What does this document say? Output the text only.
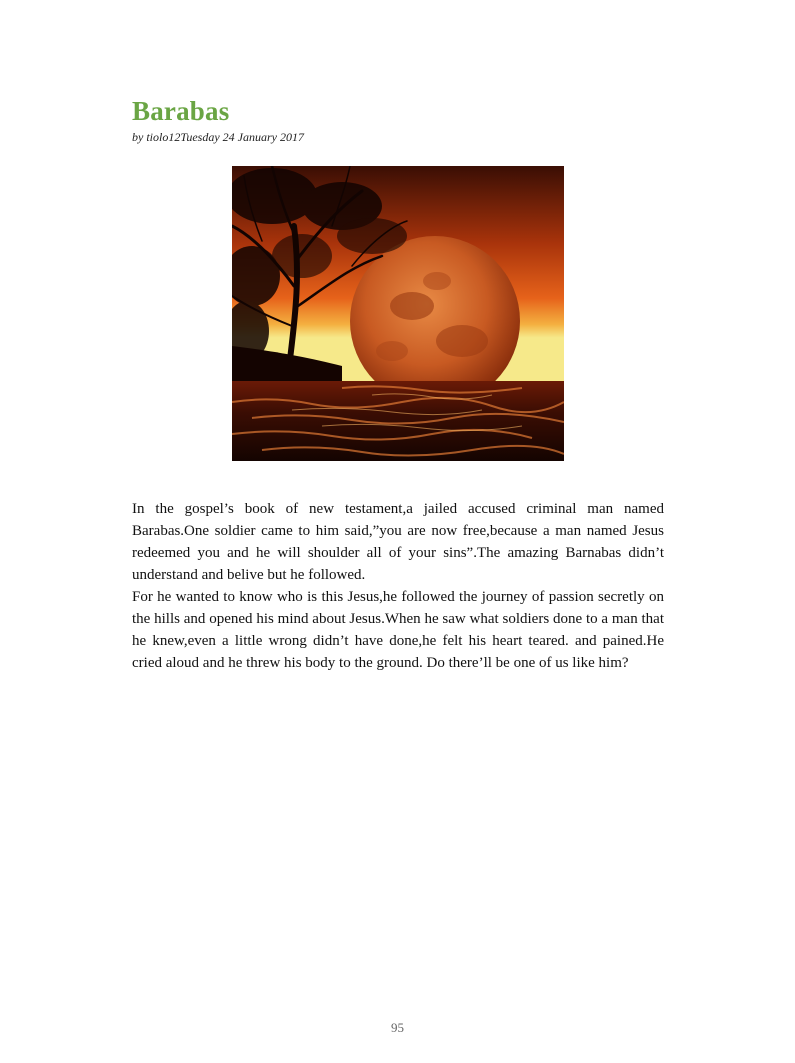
Barabas
by tiolo12Tuesday 24 January 2017

In the gospel’s book of new testament,a jailed accused criminal man named Barabas.One soldier came to him said,”you are now free,because a man named Jesus redeemed you and he will shoulder all of your sins”.The amazing Barnabas didn’t understand and belive but he followed.

For he wanted to know who is this Jesus,he followed the journey of passion secretly on the hills and opened his mind about Jesus.When he saw what soldiers done to a man that he knew,even a little wrong didn’t have done,he felt his heart teared. and pained.He cried aloud and he threw his body to the ground. Do there’ll be one of us like him?

95
